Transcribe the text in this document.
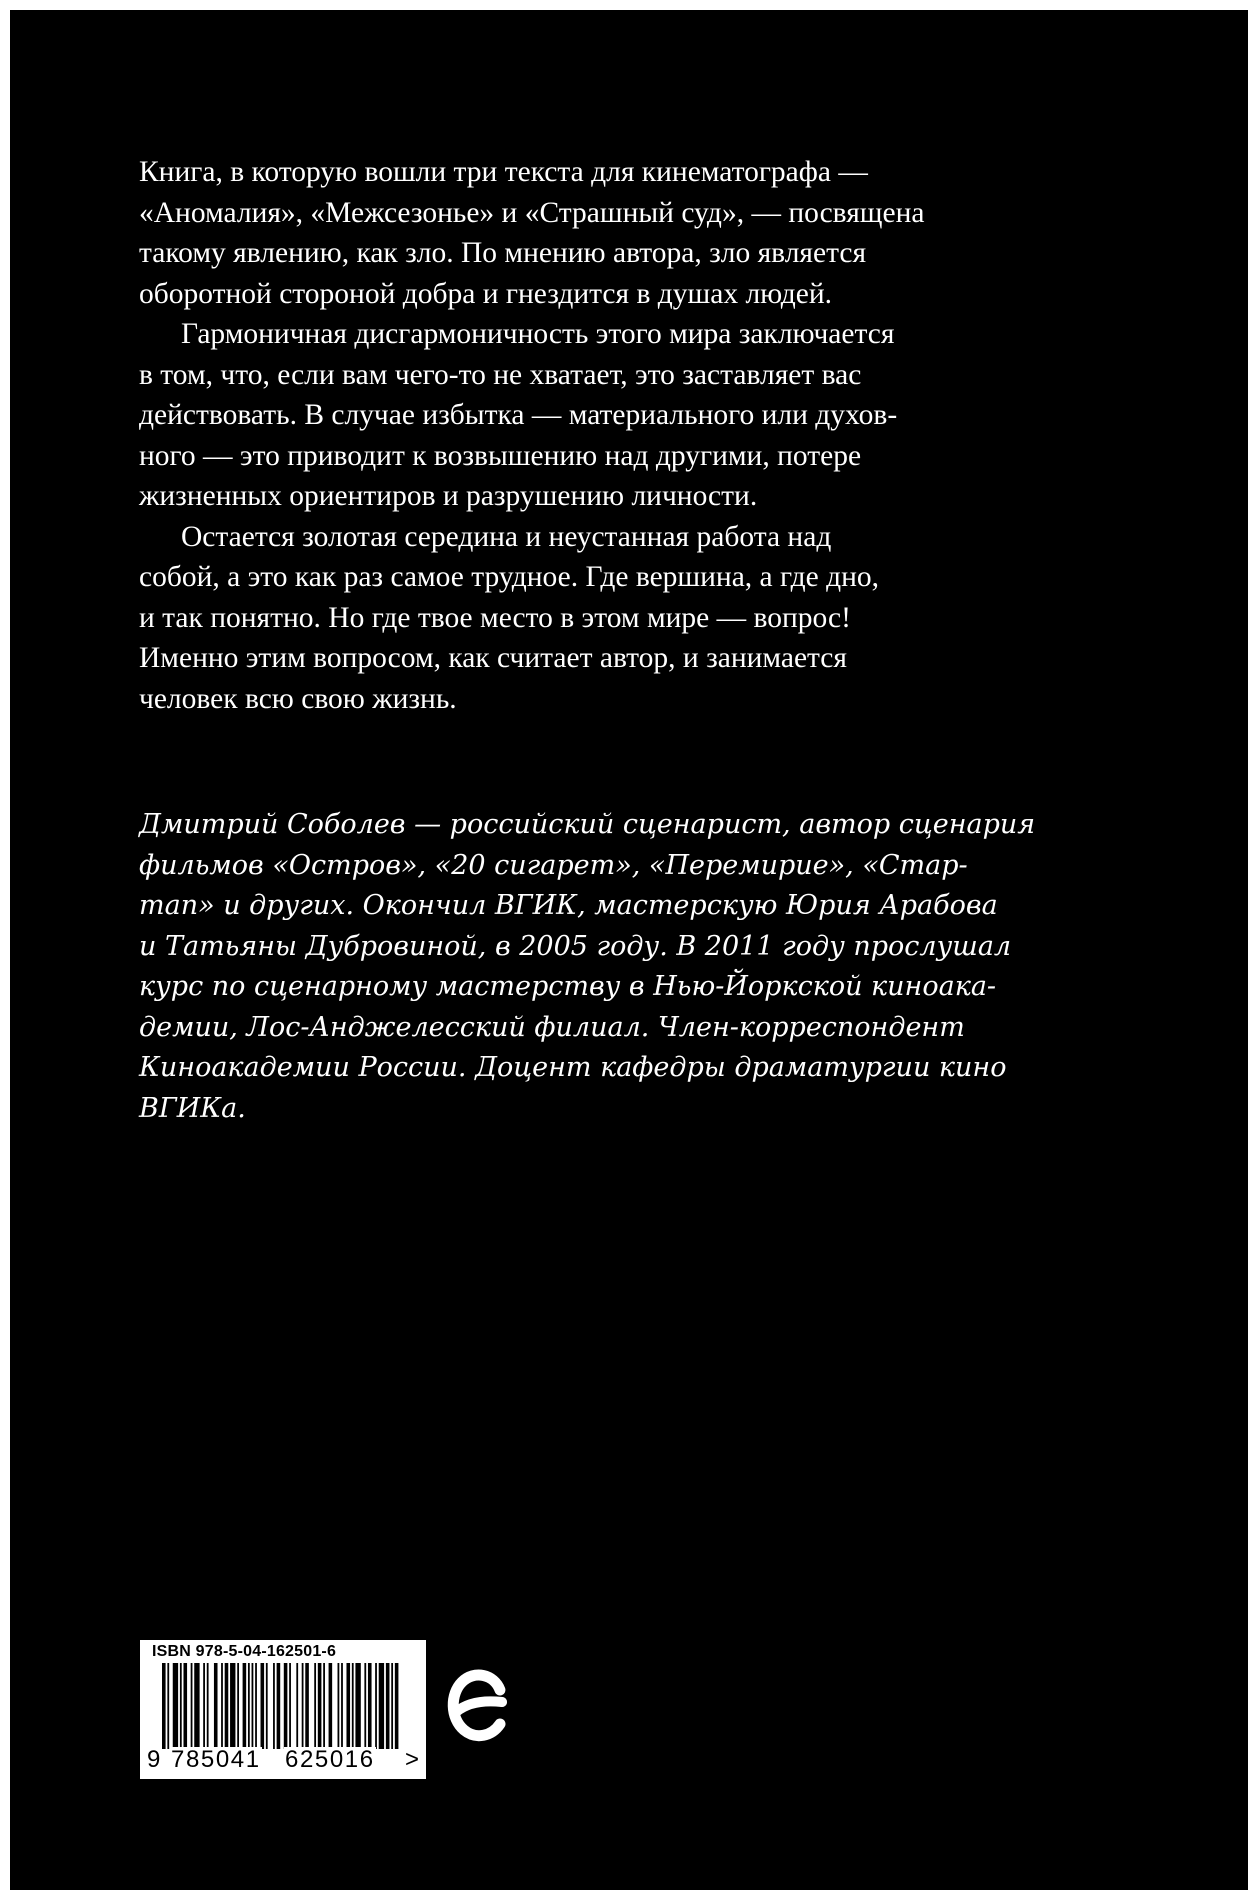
Книга, в которую вошли три текста для кинематографа —
«Аномалия», «Межсезонье» и «Страшный суд», — посвящена
такому явлению, как зло. По мнению автора, зло является
оборотной стороной добра и гнездится в душах людей.
Гармоничная дисгармоничность этого мира заключается
в том, что, если вам чего-то не хватает, это заставляет вас
действовать. В случае избытка — материального или духов-
ного — это приводит к возвышению над другими, потере
жизненных ориентиров и разрушению личности.
Остается золотая середина и неустанная работа над
собой, а это как раз самое трудное. Где вершина, а где дно,
и так понятно. Но где твое место в этом мире — вопрос!
Именно этим вопросом, как считает автор, и занимается
человек всю свою жизнь.
Дмитрий Соболев — российский сценарист, автор сценария
фильмов «Остров», «20 сигарет», «Перемирие», «Стар-
тап» и других. Окончил ВГИК, мастерскую Юрия Арабова
и Татьяны Дубровиной, в 2005 году. В 2011 году прослушал
курс по сценарному мастерству в Нью-Йоркской киноака-
демии, Лос-Анджелесский филиал. Член-корреспондент
Киноакадемии России. Доцент кафедры драматургии кино
ВГИКа.
ISBN 978-5-04-162501-6
9 785041 625016 >
